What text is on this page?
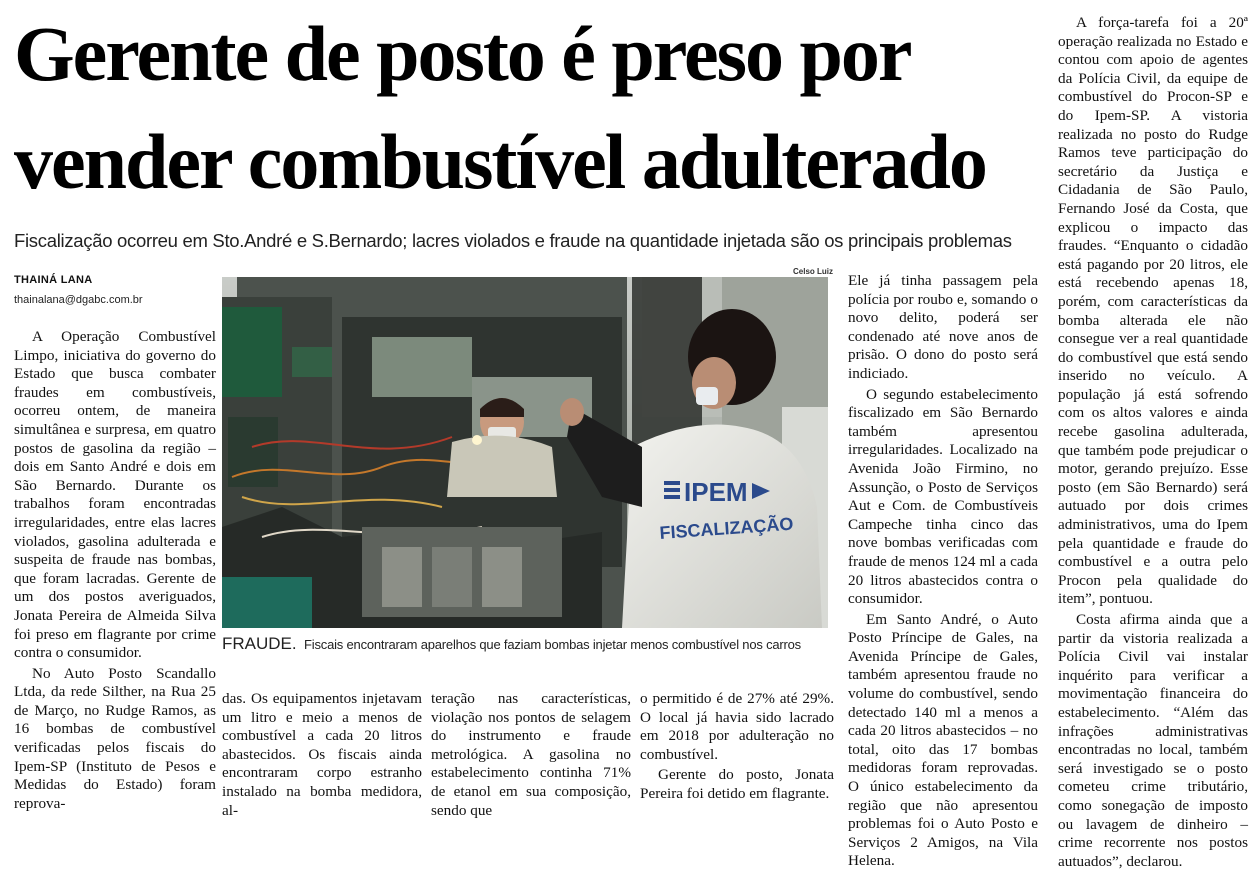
Gerente de posto é preso por
vender combustível adulterado
Fiscalização ocorreu em Sto.André e S.Bernardo; lacres violados e fraude na quantidade injetada são os principais problemas
THAINÁ LANA
thainalana@dgabc.com.br

A Operação Combustível Limpo, iniciativa do governo do Estado que busca combater fraudes em combustíveis, ocorreu ontem, de maneira simultânea e surpresa, em quatro postos de gasolina da região – dois em Santo André e dois em São Bernardo. Durante os trabalhos foram encontradas irregularidades, entre elas lacres violados, gasolina adulterada e suspeita de fraude nas bombas, que foram lacradas. Gerente de um dos postos averiguados, Jonata Pereira de Almeida Silva foi preso em flagrante por crime contra o consumidor.

No Auto Posto Scandallo Ltda, da rede Silther, na Rua 25 de Março, no Rudge Ramos, as 16 bombas de combustível verificadas pelos fiscais do Ipem-SP (Instituto de Pesos e Medidas do Estado) foram reprova-

Celso Luiz
IPEM
FISCALIZAÇÃO
FRAUDE. Fiscais encontraram aparelhos que faziam bombas injetar menos combustível nos carros

das. Os equipamentos injetavam um litro e meio a menos de combustível a cada 20 litros abastecidos. Os fiscais ainda encontraram corpo estranho instalado na bomba medidora, al-

teração nas características, violação nos pontos de selagem do instrumento e fraude metrológica. A gasolina no estabelecimento continha 71% de etanol em sua composição, sendo que

o permitido é de 27% até 29%. O local já havia sido lacrado em 2018 por adulteração no combustível.

Gerente do posto, Jonata Pereira foi detido em flagrante.

Ele já tinha passagem pela polícia por roubo e, somando o novo delito, poderá ser condenado até nove anos de prisão. O dono do posto será indiciado.

O segundo estabelecimento fiscalizado em São Bernardo também apresentou irregularidades. Localizado na Avenida João Firmino, no Assunção, o Posto de Serviços Aut e Com. de Combustíveis Campeche tinha cinco das nove bombas verificadas com fraude de menos 124 ml a cada 20 litros abastecidos contra o consumidor.

Em Santo André, o Auto Posto Príncipe de Gales, na Avenida Príncipe de Gales, também apresentou fraude no volume do combustível, sendo detectado 140 ml a menos a cada 20 litros abastecidos – no total, oito das 17 bombas medidoras foram reprovadas. O único estabelecimento da região que não apresentou problemas foi o Auto Posto e Serviços 2 Amigos, na Vila Helena.

A força-tarefa foi a 20ª operação realizada no Estado e contou com apoio de agentes da Polícia Civil, da equipe de combustível do Procon-SP e do Ipem-SP. A vistoria realizada no posto do Rudge Ramos teve participação do secretário da Justiça e Cidadania de São Paulo, Fernando José da Costa, que explicou o impacto das fraudes. “Enquanto o cidadão está pagando por 20 litros, ele está recebendo apenas 18, porém, com características da bomba alterada ele não consegue ver a real quantidade do combustível que está sendo inserido no veículo. A população já está sofrendo com os altos valores e ainda recebe gasolina adulterada, que também pode prejudicar o motor, gerando prejuízo. Esse posto (em São Bernardo) será autuado por dois crimes administrativos, uma do Ipem pela quantidade e fraude do combustível e a outra pelo Procon pela qualidade do item”, pontuou.

Costa afirma ainda que a partir da vistoria realizada a Polícia Civil vai instalar inquérito para verificar a movimentação financeira do estabelecimento. “Além das infrações administrativas encontradas no local, também será investigado se o posto cometeu crime tributário, como sonegação de imposto ou lavagem de dinheiro – crime recorrente nos postos autuados”, declarou.
